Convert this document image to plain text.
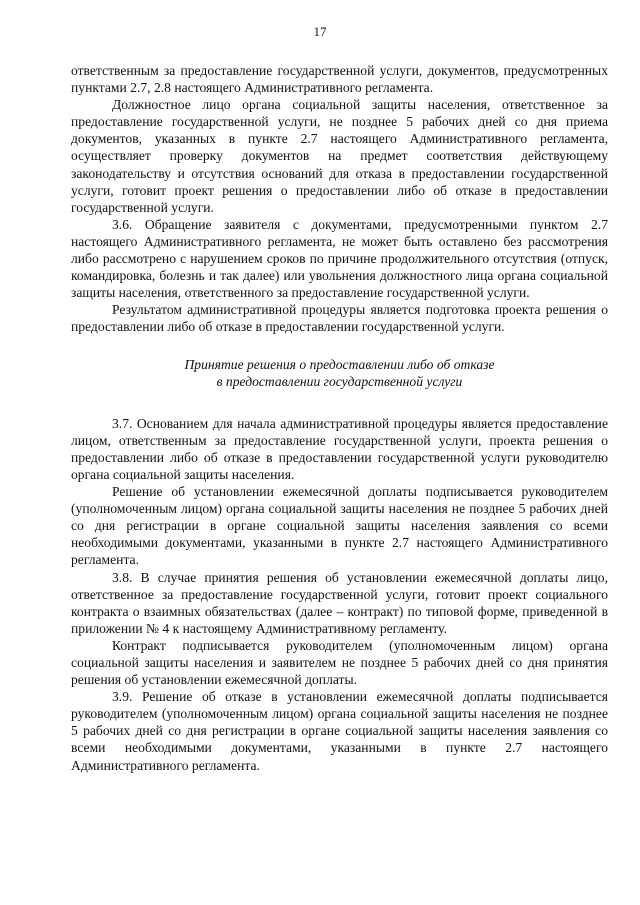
17

ответственным за предоставление государственной услуги, документов, предусмотренных пунктами 2.7, 2.8 настоящего Административного регламента.

Должностное лицо органа социальной защиты населения, ответственное за предоставление государственной услуги, не позднее 5 рабочих дней со дня приема документов, указанных в пункте 2.7 настоящего Административного регламента, осуществляет проверку документов на предмет соответствия действующему законодательству и отсутствия оснований для отказа в предоставлении государственной услуги, готовит проект решения о предоставлении либо об отказе в предоставлении государственной услуги.

3.6. Обращение заявителя с документами, предусмотренными пунктом 2.7 настоящего Административного регламента, не может быть оставлено без рассмотрения либо рассмотрено с нарушением сроков по причине продолжительного отсутствия (отпуск, командировка, болезнь и так далее) или увольнения должностного лица органа социальной защиты населения, ответственного за предоставление государственной услуги.

Результатом административной процедуры является подготовка проекта решения о предоставлении либо об отказе в предоставлении государственной услуги.

Принятие решения о предоставлении либо об отказе
в предоставлении государственной услуги

3.7. Основанием для начала административной процедуры является предоставление лицом, ответственным за предоставление государственной услуги, проекта решения о предоставлении либо об отказе в предоставлении государственной услуги руководителю органа социальной защиты населения.

Решение об установлении ежемесячной доплаты подписывается руководителем (уполномоченным лицом) органа социальной защиты населения не позднее 5 рабочих дней со дня регистрации в органе социальной защиты населения заявления со всеми необходимыми документами, указанными в пункте 2.7 настоящего Административного регламента.

3.8. В случае принятия решения об установлении ежемесячной доплаты лицо, ответственное за предоставление государственной услуги, готовит проект социального контракта о взаимных обязательствах (далее – контракт) по типовой форме, приведенной в приложении № 4 к настоящему Административному регламенту.

Контракт подписывается руководителем (уполномоченным лицом) органа социальной защиты населения и заявителем не позднее 5 рабочих дней со дня принятия решения об установлении ежемесячной доплаты.

3.9. Решение об отказе в установлении ежемесячной доплаты подписывается руководителем (уполномоченным лицом) органа социальной защиты населения не позднее 5 рабочих дней со дня регистрации в органе социальной защиты населения заявления со всеми необходимыми документами, указанными в пункте 2.7 настоящего Административного регламента.
